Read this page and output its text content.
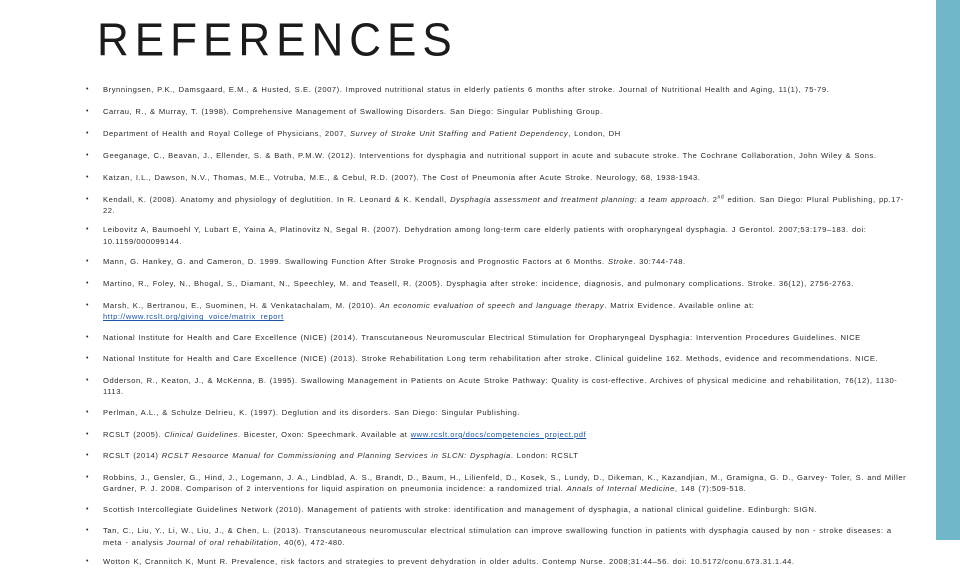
REFERENCES
• Brynningsen, P.K., Damsgaard, E.M., & Husted, S.E. (2007). Improved nutritional status in elderly patients 6 months after stroke. Journal of Nutritional Health and Aging, 11(1), 75-79.
• Carrau, R., & Murray, T. (1998). Comprehensive Management of Swallowing Disorders. San Diego: Singular Publishing Group.
• Department of Health and Royal College of Physicians, 2007, Survey of Stroke Unit Staffing and Patient Dependency, London, DH
• Geeganage, C., Beavan, J., Ellender, S. & Bath, P.M.W. (2012). Interventions for dysphagia and nutritional support in acute and subacute stroke. The Cochrane Collaboration, John Wiley & Sons.
• Katzan, I.L., Dawson, N.V., Thomas, M.E., Votruba, M.E., & Cebul, R.D. (2007). The Cost of Pneumonia after Acute Stroke. Neurology, 68, 1938-1943.
• Kendall, K. (2008). Anatomy and physiology of deglutition. In R. Leonard & K. Kendall, Dysphagia assessment and treatment planning: a team approach. 2nd edition. San Diego: Plural Publishing, pp.17-22.
• Leibovitz A, Baumoehl Y, Lubart E, Yaina A, Platinovitz N, Segal R. (2007). Dehydration among long-term care elderly patients with oropharyngeal dysphagia. J Gerontol. 2007;53:179–183. doi: 10.1159/000099144.
• Mann, G. Hankey, G. and Cameron, D. 1999. Swallowing Function After Stroke Prognosis and Prognostic Factors at 6 Months. Stroke. 30:744-748.
• Martino, R., Foley, N., Bhogal, S., Diamant, N., Speechley, M. and Teasell, R. (2005). Dysphagia after stroke: incidence, diagnosis, and pulmonary complications. Stroke. 36(12), 2756-2763.
• Marsh, K., Bertranou, E., Suominen, H. & Venkatachalam, M. (2010). An economic evaluation of speech and language therapy. Matrix Evidence. Available online at: http://www.rcslt.org/giving_voice/matrix_report
• National Institute for Health and Care Excellence (NICE) (2014). Transcutaneous Neuromuscular Electrical Stimulation for Oropharyngeal Dysphagia: Intervention Procedures Guidelines. NICE
• National Institute for Health and Care Excellence (NICE) (2013). Stroke Rehabilitation Long term rehabilitation after stroke. Clinical guideline 162. Methods, evidence and recommendations. NICE.
• Odderson, R., Keaton, J., & McKenna, B. (1995). Swallowing Management in Patients on Acute Stroke Pathway: Quality is cost-effective. Archives of physical medicine and rehabilitation, 76(12), 1130-1113.
• Perlman, A.L., & Schulze Delrieu, K. (1997). Deglution and its disorders. San Diego: Singular Publishing.
• RCSLT (2005). Clinical Guidelines. Bicester, Oxon: Speechmark. Available at www.rcslt.org/docs/competencies_project.pdf
• RCSLT (2014) RCSLT Resource Manual for Commissioning and Planning Services in SLCN: Dysphagia. London: RCSLT
• Robbins, J., Gensler, G., Hind, J., Logemann, J. A., Lindblad, A. S., Brandt, D., Baum, H., Lilienfeld, D., Kosek, S., Lundy, D., Dikeman, K., Kazandjian, M., Gramigna, G. D., Garvey- Toler, S. and Miller Gardner, P. J. 2008. Comparison of 2 interventions for liquid aspiration on pneumonia incidence: a randomized trial. Annals of Internal Medicine, 148 (7):509-518.
• Scottish Intercollegiate Guidelines Network (2010). Management of patients with stroke: identification and management of dysphagia, a national clinical guideline. Edinburgh: SIGN.
• Tan, C., Liu, Y., Li, W., Liu, J., & Chen, L. (2013). Transcutaneous neuromuscular electrical stimulation can improve swallowing function in patients with dysphagia caused by non - stroke diseases: a meta - analysis Journal of oral rehabilitation, 40(6), 472-480.
• Wotton K, Crannitch K, Munt R. Prevalence, risk factors and strategies to prevent dehydration in older adults. Contemp Nurse. 2008;31:44–56. doi: 10.5172/conu.673.31.1.44.
